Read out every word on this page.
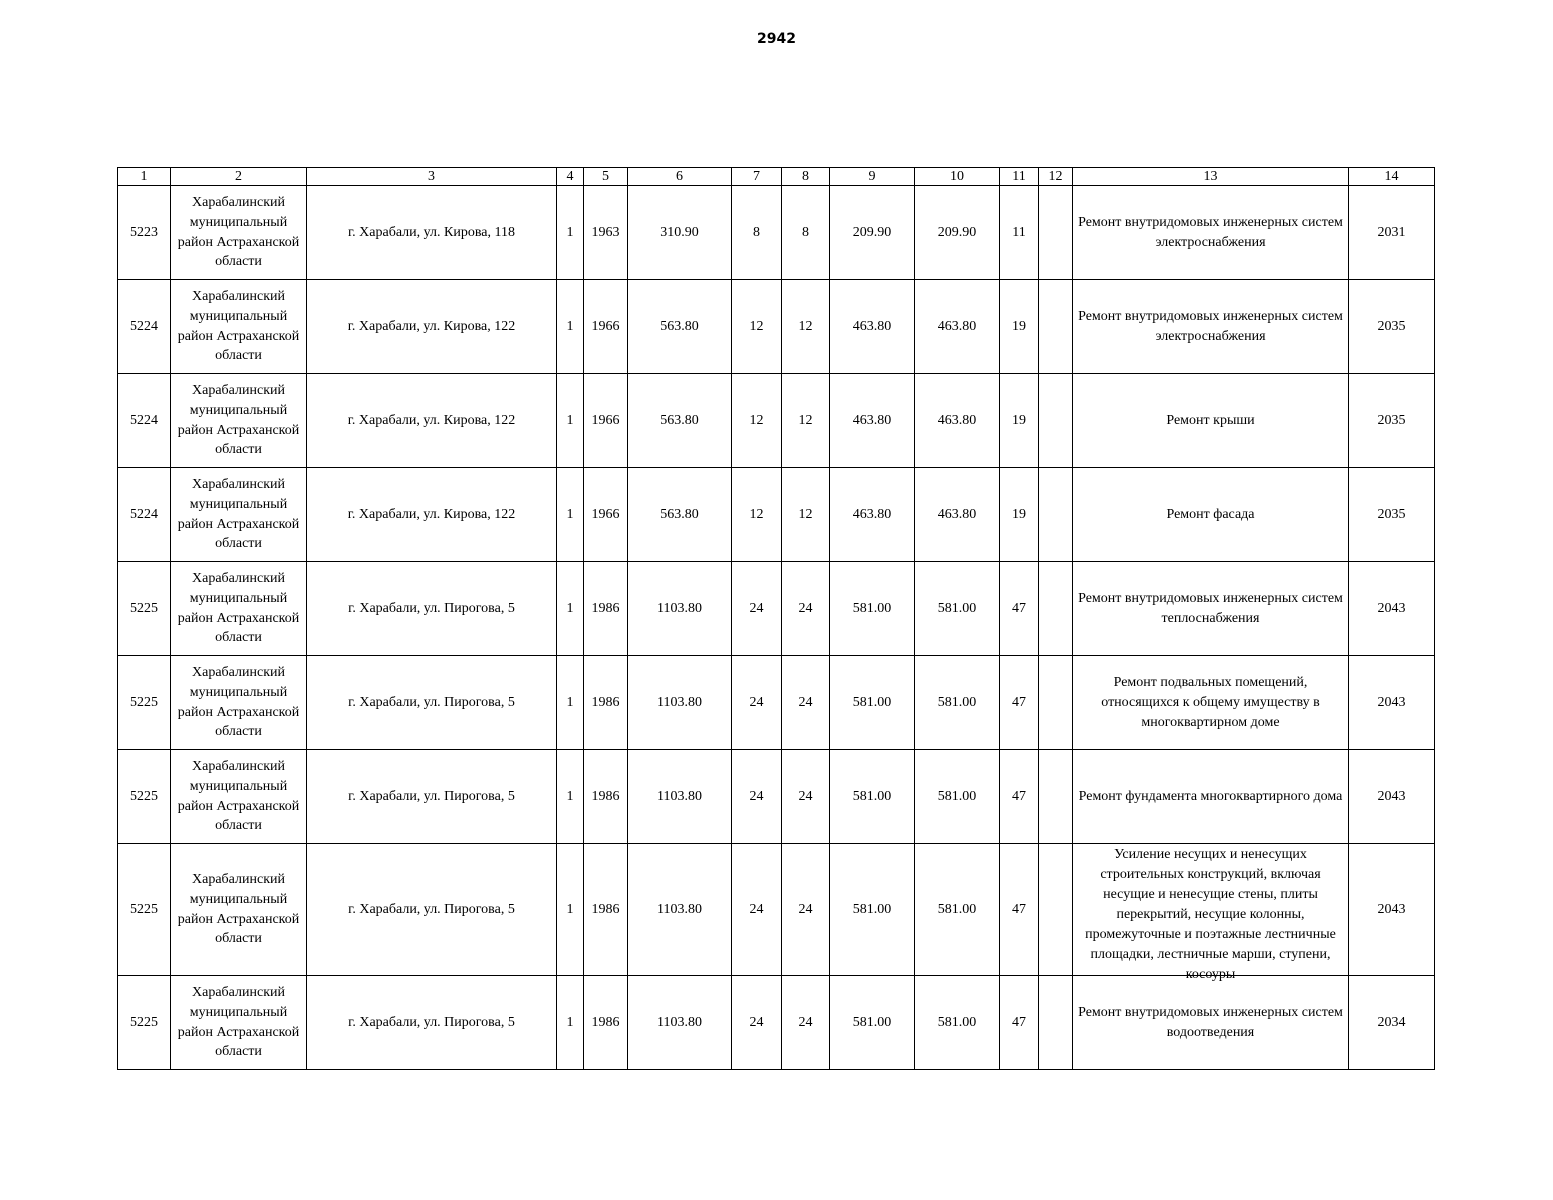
2942
1	2	3	4	5	6	7	8	9	10	11	12	13	14
5223	Харабалинский муниципальный район Астраханской области	г. Харабали, ул. Кирова, 118	1	1963	310.90	8	8	209.90	209.90	11		Ремонт внутридомовых инженерных систем электроснабжения	2031
5224	Харабалинский муниципальный район Астраханской области	г. Харабали, ул. Кирова, 122	1	1966	563.80	12	12	463.80	463.80	19		Ремонт внутридомовых инженерных систем электроснабжения	2035
5224	Харабалинский муниципальный район Астраханской области	г. Харабали, ул. Кирова, 122	1	1966	563.80	12	12	463.80	463.80	19		Ремонт крыши	2035
5224	Харабалинский муниципальный район Астраханской области	г. Харабали, ул. Кирова, 122	1	1966	563.80	12	12	463.80	463.80	19		Ремонт фасада	2035
5225	Харабалинский муниципальный район Астраханской области	г. Харабали, ул. Пирогова, 5	1	1986	1103.80	24	24	581.00	581.00	47		Ремонт внутридомовых инженерных систем теплоснабжения	2043
5225	Харабалинский муниципальный район Астраханской области	г. Харабали, ул. Пирогова, 5	1	1986	1103.80	24	24	581.00	581.00	47		Ремонт подвальных помещений, относящихся к общему имуществу в многоквартирном доме	2043
5225	Харабалинский муниципальный район Астраханской области	г. Харабали, ул. Пирогова, 5	1	1986	1103.80	24	24	581.00	581.00	47		Ремонт фундамента многоквартирного дома	2043
5225	Харабалинский муниципальный район Астраханской области	г. Харабали, ул. Пирогова, 5	1	1986	1103.80	24	24	581.00	581.00	47		Усиление несущих и ненесущих строительных конструкций, включая несущие и ненесущие стены, плиты перекрытий, несущие колонны, промежуточные и поэтажные лестничные площадки, лестничные марши, ступени, косоуры	2043
5225	Харабалинский муниципальный район Астраханской области	г. Харабали, ул. Пирогова, 5	1	1986	1103.80	24	24	581.00	581.00	47		Ремонт внутридомовых инженерных систем водоотведения	2034
